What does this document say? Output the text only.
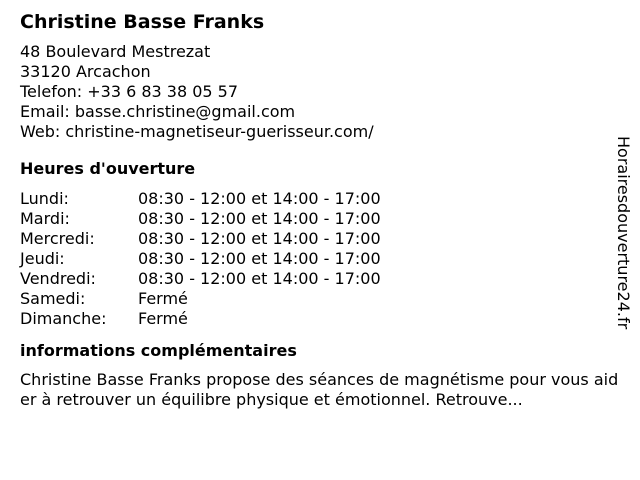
Christine Basse Franks
48 Boulevard Mestrezat
33120 Arcachon
Telefon: +33 6 83 38 05 57
Email: basse.christine@gmail.com
Web: christine-magnetiseur-guerisseur.com/
Heures d'ouverture
Lundi:	08:30 - 12:00 et 14:00 - 17:00
Mardi:	08:30 - 12:00 et 14:00 - 17:00
Mercredi:	08:30 - 12:00 et 14:00 - 17:00
Jeudi:	08:30 - 12:00 et 14:00 - 17:00
Vendredi:	08:30 - 12:00 et 14:00 - 17:00
Samedi:	Fermé
Dimanche:	Fermé
informations complémentaires
Christine Basse Franks propose des séances de magnétisme pour vous aider à retrouver un équilibre physique et émotionnel. Retrouve...
Horairesdouverture24.fr
